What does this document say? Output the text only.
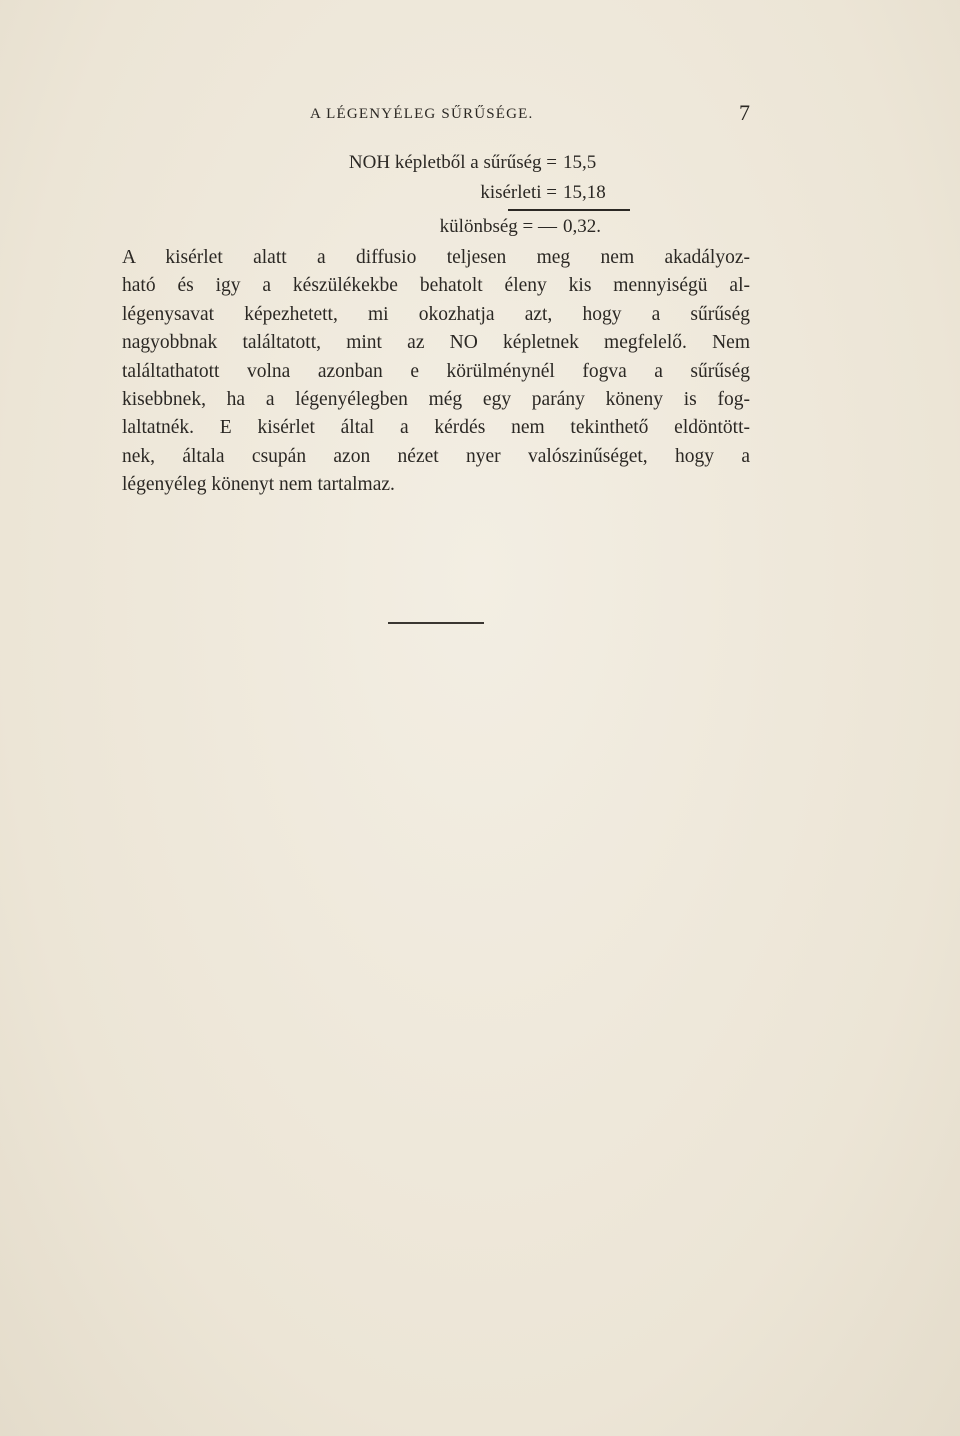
A LÉGENYÉLEG SŰRŰSÉGE.	7
NOH képletből a sűrűség = 15,5
kisérleti = 15,18
különbség = — 0,32.
A kisérlet alatt a diffusio teljesen meg nem akadályoz-
ható és igy a készülékekbe behatolt éleny kis mennyiségü al-
légenysavat képezhetett, mi okozhatja azt, hogy a sűrűség
nagyobbnak találtatott, mint az NO képletnek megfelelő. Nem
találtathatott volna azonban e körülménynél fogva a sűrűség
kisebbnek, ha a légenyélegben még egy parány köneny is fog-
laltatnék. E kisérlet által a kérdés nem tekinthető eldöntött-
nek, általa csupán azon nézet nyer valószinűséget, hogy a
légenyéleg könenyt nem tartalmaz.
